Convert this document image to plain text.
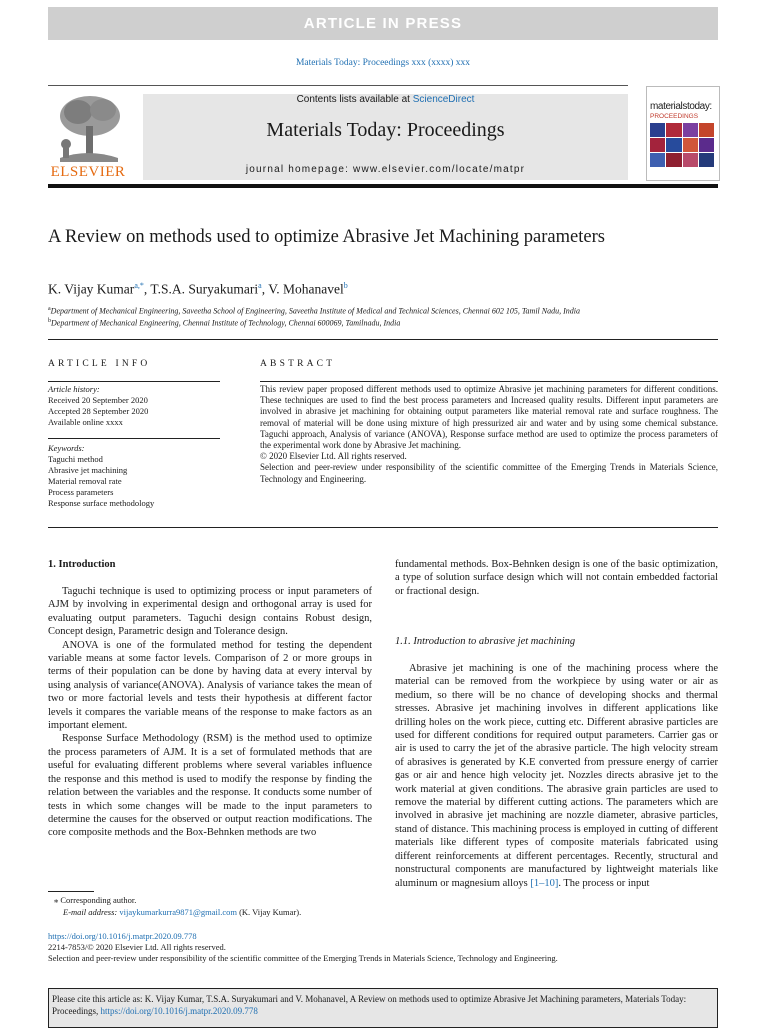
ARTICLE IN PRESS
Materials Today: Proceedings xxx (xxxx) xxx
ELSEVIER
Contents lists available at ScienceDirect
Materials Today: Proceedings
journal homepage: www.elsevier.com/locate/matpr
materialstoday:
PROCEEDINGS
A Review on methods used to optimize Abrasive Jet Machining parameters
K. Vijay Kumar$^{a,*}$, T.S.A. Suryakumari$^a$, V. Mohanavel$^b$
$^a$Department of Mechanical Engineering, Saveetha School of Engineering, Saveetha Institute of Medical and Technical Sciences, Chennai 602 105, Tamil Nadu, India
$^b$Department of Mechanical Engineering, Chennai Institute of Technology, Chennai 600069, Tamilnadu, India
ARTICLE INFO	ABSTRACT
Article history:
Received 20 September 2020
Accepted 28 September 2020
Available online xxxx
Keywords:
Taguchi method
Abrasive jet machining
Material removal rate
Process parameters
Response surface methodology

This review paper proposed different methods used to optimize Abrasive jet machining parameters for different conditions. These techniques are used to find the best process parameters and Increased quality results. Different input parameters are involved in abrasive jet machining for obtaining output parameters like material removal rate and surface roughness. The removal of material will be done using mixture of high pressurized air and water and by using some chemical substance. Taguchi approach, Analysis of variance (ANOVA), Response surface method are used to optimize the process parameters of the experimental work done by Abrasive Jet machining.

© 2020 Elsevier Ltd. All rights reserved.

Selection and peer-review under responsibility of the scientific committee of the Emerging Trends in Materials Science, Technology and Engineering.

1. Introduction

Taguchi technique is used to optimizing process or input parameters of AJM by involving in experimental design and orthogonal array is used for evaluating output parameters. Taguchi design contains Robust design, Concept design, Parametric design and Tolerance design.

ANOVA is one of the formulated method for testing the dependent variable means at some factor levels. Comparison of 2 or more groups in terms of their population can be done by having data at every interval by using analysis of variance(ANOVA). Analysis of variance takes the mean of two or more factorial levels and tests their hypothesis at different factor levels it compares the variable means of the response to make factors as an important element.

Response Surface Methodology (RSM) is the method used to optimize the process parameters of AJM. It is a set of formulated methods that are useful for evaluating different problems where several variables influence the response and this method is used to modify the response by finding the relation between the variables and the response. It conducts some number of tests in which some changes will be made to the input parameters to determine the causes for the observed or output reaction modifications. The core composite methods and the Box-Behnken methods are two

fundamental methods. Box-Behnken design is one of the basic optimization, a type of solution surface design which will not contain embedded factorial or fractional design.

1.1. Introduction to abrasive jet machining

Abrasive jet machining is one of the machining process where the material can be removed from the workpiece by using water or air as medium, so there will be no chance of developing shocks and thermal stresses. Abrasive jet machining involves in different applications like drilling holes on the work piece, cutting etc. Different abrasive particles are used for different conditions for required output parameters. Carrier gas or air is used to carry the jet of the abrasive particle. The high velocity stream of abrasives is generated by K.E converted from pressure energy of carrier gas or air and hence high velocity jet. Nozzles directs abrasive jet to the work material at given conditions. The abrasive grain particles are used to remove the material by different cutting actions. The parameters which are involved in abrasive jet machining are nozzle diameter, abrasive particles, stand of distance. This machining process is employed in cutting of different materials like different types of composite materials fabricated using different reinforcements at different percentages. Recently, structural and nonstructural components are manufactured by lightweight materials like aluminum or magnesium alloys [1–10]. The process or input

⁎ Corresponding author.
E-mail address: vijaykumarkurra9871@gmail.com (K. Vijay Kumar).
https://doi.org/10.1016/j.matpr.2020.09.778
2214-7853/© 2020 Elsevier Ltd. All rights reserved.
Selection and peer-review under responsibility of the scientific committee of the Emerging Trends in Materials Science, Technology and Engineering.
Please cite this article as: K. Vijay Kumar, T.S.A. Suryakumari and V. Mohanavel, A Review on methods used to optimize Abrasive Jet Machining parameters, Materials Today: Proceedings, https://doi.org/10.1016/j.matpr.2020.09.778
